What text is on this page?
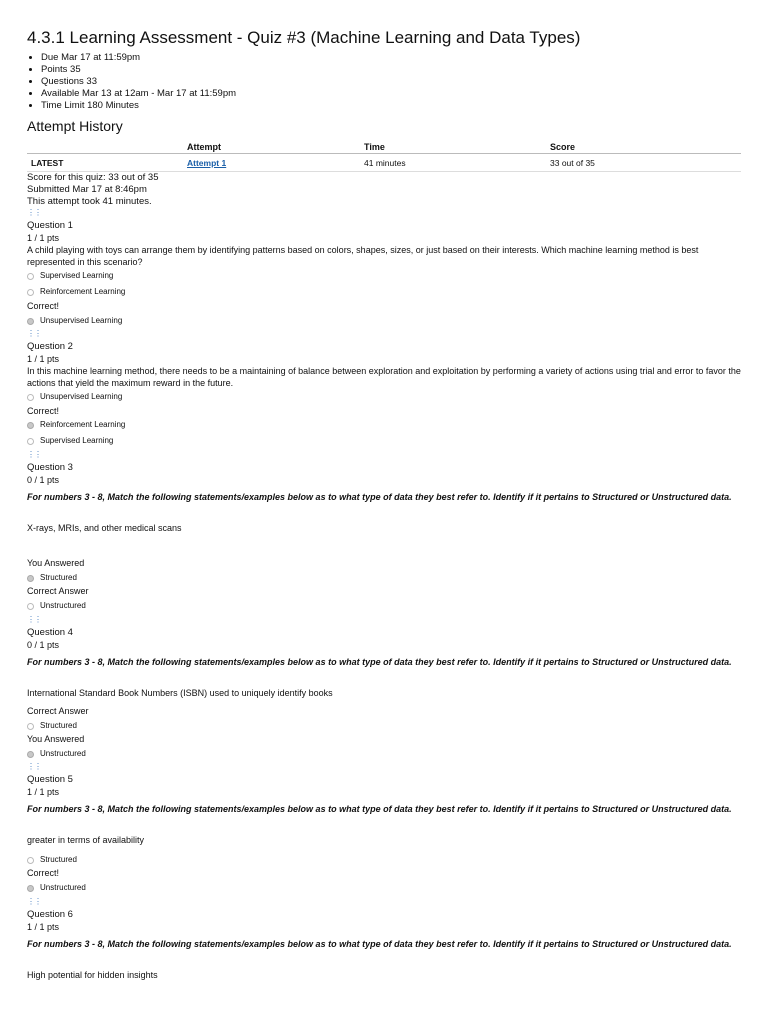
4.3.1 Learning Assessment - Quiz #3 (Machine Learning and Data Types)
• Due Mar 17 at 11:59pm
• Points 35
• Questions 33
• Available Mar 13 at 12am - Mar 17 at 11:59pm
• Time Limit 180 Minutes
Attempt History
	Attempt	Time	Score
LATEST	Attempt 1	41 minutes	33 out of 35
Score for this quiz: 33 out of 35
Submitted Mar 17 at 8:46pm
This attempt took 41 minutes.
⋮⋮
Question 1
1 / 1 pts
A child playing with toys can arrange them by identifying patterns based on colors, shapes, sizes, or just based on their interests. Which machine learning method is best represented in this scenario?
Supervised Learning
Reinforcement Learning
Correct!
Unsupervised Learning
⋮⋮
Question 2
1 / 1 pts
In this machine learning method, there needs to be a maintaining of balance between exploration and exploitation by performing a variety of actions using trial and error to favor the actions that yield the maximum reward in the future.
Unsupervised Learning
Correct!
Reinforcement Learning
Supervised Learning
⋮⋮
Question 3
0 / 1 pts
For numbers 3 - 8, Match the following statements/examples below as to what type of data they best refer to. Identify if it pertains to Structured or Unstructured data.
X-rays, MRIs, and other medical scans
You Answered
Structured
Correct Answer
Unstructured
⋮⋮
Question 4
0 / 1 pts
For numbers 3 - 8, Match the following statements/examples below as to what type of data they best refer to. Identify if it pertains to Structured or Unstructured data.
International Standard Book Numbers (ISBN) used to uniquely identify books
Correct Answer
Structured
You Answered
Unstructured
⋮⋮
Question 5
1 / 1 pts
For numbers 3 - 8, Match the following statements/examples below as to what type of data they best refer to. Identify if it pertains to Structured or Unstructured data.
greater in terms of availability
Structured
Correct!
Unstructured
⋮⋮
Question 6
1 / 1 pts
For numbers 3 - 8, Match the following statements/examples below as to what type of data they best refer to. Identify if it pertains to Structured or Unstructured data.
High potential for hidden insights
